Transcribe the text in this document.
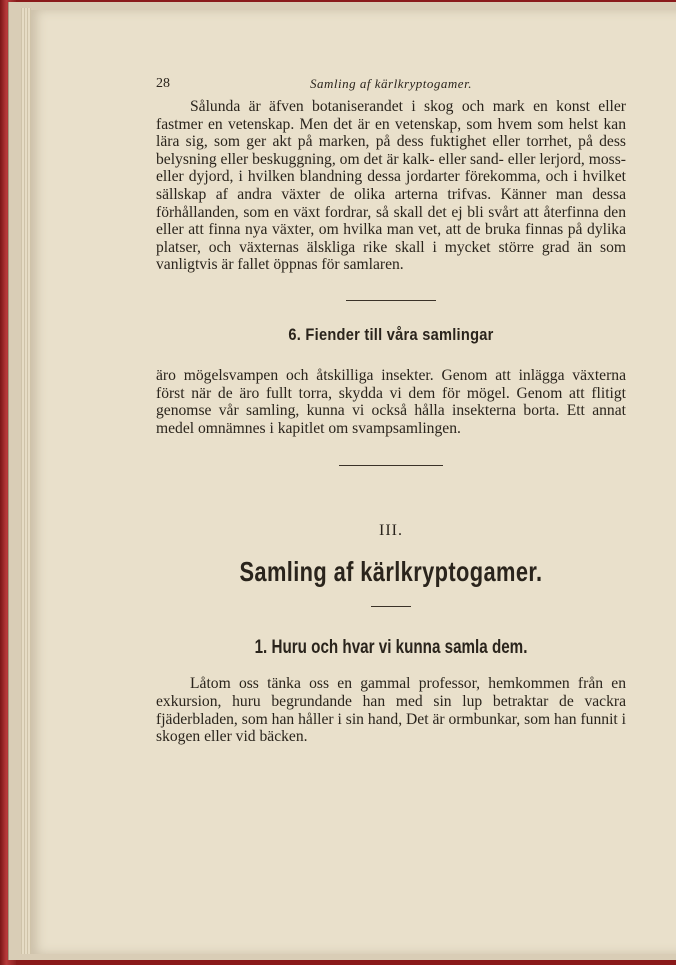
28	Samling af kärlkryptogamer.

Sålunda är äfven botaniserandet i skog och mark en konst eller fastmer en vetenskap. Men det är en vetenskap, som hvem som helst kan lära sig, som ger akt på marken, på dess fuktighet eller torrhet, på dess belysning eller beskuggning, om det är kalk- eller sand- eller lerjord, moss- eller dyjord, i hvilken blandning dessa jordarter förekomma, och i hvilket sällskap af andra växter de olika arterna trifvas. Känner man dessa förhållanden, som en växt fordrar, så skall det ej bli svårt att återfinna den eller att finna nya växter, om hvilka man vet, att de bruka finnas på dylika platser, och växternas älskliga rike skall i mycket större grad än som vanligtvis är fallet öppnas för samlaren.

6. Fiender till våra samlingar

äro mögelsvampen och åtskilliga insekter. Genom att inlägga växterna först när de äro fullt torra, skydda vi dem för mögel. Genom att flitigt genomse vår samling, kunna vi också hålla insekterna borta. Ett annat medel omnämnes i kapitlet om svampsamlingen.

III.
Samling af kärlkryptogamer.
1. Huru och hvar vi kunna samla dem.

Låtom oss tänka oss en gammal professor, hemkommen från en exkursion, huru begrundande han med sin lup betraktar de vackra fjäderbladen, som han håller i sin hand, Det är ormbunkar, som han funnit i skogen eller vid bäcken.
